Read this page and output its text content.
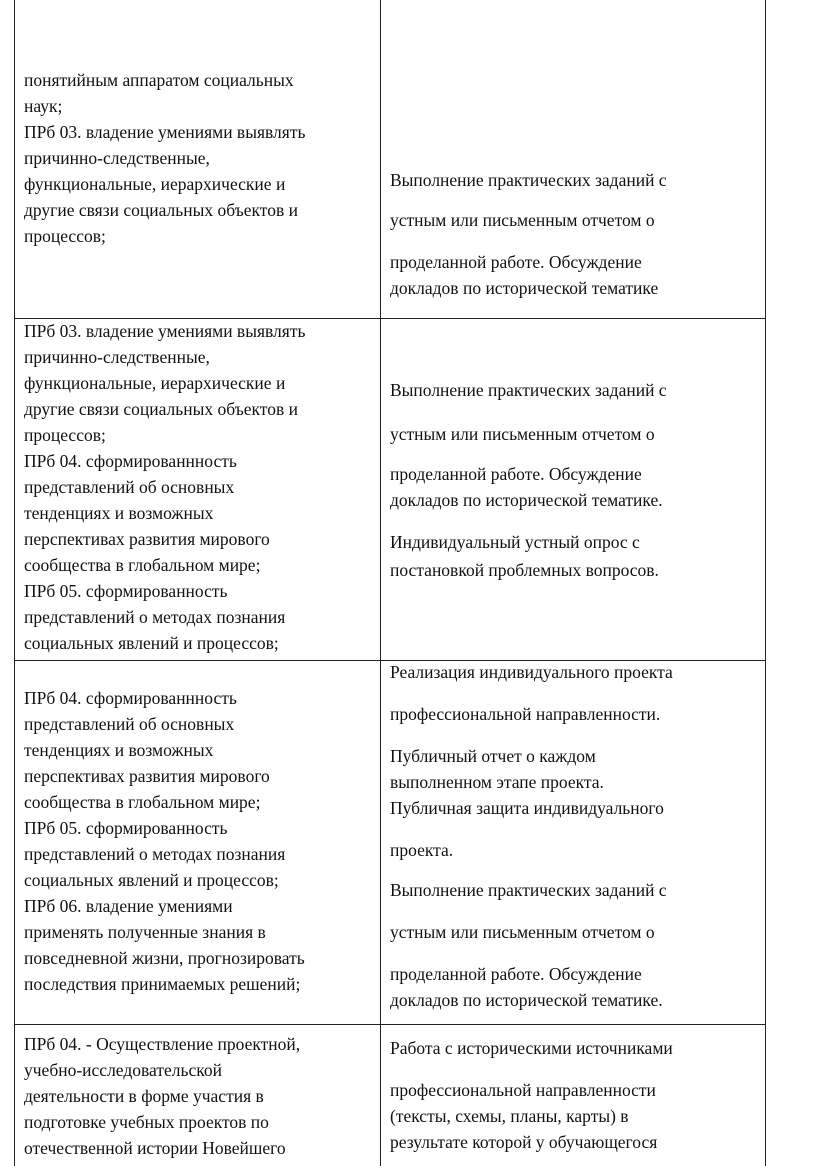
понятийным аппаратом социальных
наук;
ПРб 03. владение умениями выявлять
причинно-следственные,
функциональные, иерархические и
другие связи социальных объектов и
процессов;
Выполнение практических заданий с
устным или письменным отчетом о
проделанной работе. Обсуждение
докладов по исторической тематике
ПРб 03. владение умениями выявлять
причинно-следственные,
функциональные, иерархические и
другие связи социальных объектов и
процессов;
ПРб 04. сформированнность
представлений об основных
тенденциях и возможных
перспективах развития мирового
сообщества в глобальном мире;
ПРб 05. сформированность
представлений о методах познания
социальных явлений и процессов;
Выполнение практических заданий с
устным или письменным отчетом о
проделанной работе. Обсуждение
докладов по исторической тематике.
Индивидуальный устный опрос с
постановкой проблемных вопросов.
ПРб 04. сформированнность
представлений об основных
тенденциях и возможных
перспективах развития мирового
сообщества в глобальном мире;
ПРб 05. сформированность
представлений о методах познания
социальных явлений и процессов;
ПРб 06. владение умениями
применять полученные знания в
повседневной жизни, прогнозировать
последствия принимаемых решений;
Реализация индивидуального проекта
профессиональной направленности.
Публичный отчет о каждом
выполненном этапе проекта.
Публичная защита индивидуального
проекта.
Выполнение практических заданий с
устным или письменным отчетом о
проделанной работе. Обсуждение
докладов по исторической тематике.
ПРб 04. - Осуществление проектной,
учебно-исследовательской
деятельности в форме участия в
подготовке учебных проектов по
отечественной истории Новейшего
Работа с историческими источниками
профессиональной направленности
(тексты, схемы, планы, карты) в
результате которой у обучающегося
